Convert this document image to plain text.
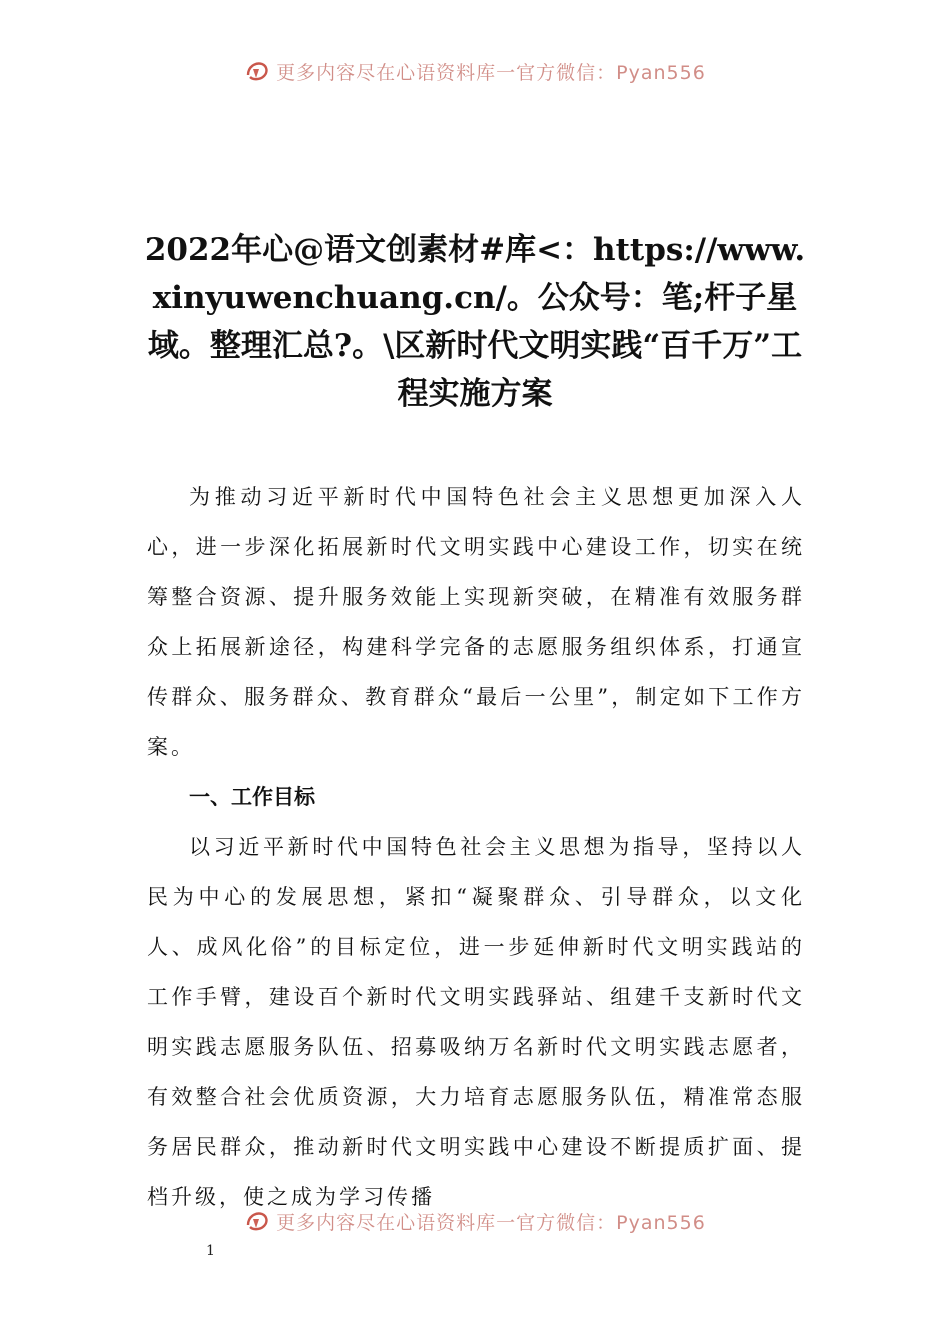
更多内容尽在心语资料库一官方微信：Pyan556
2022年心@语文创素材#库<：https://www.xinyuwenchuang.cn/。公众号：笔;杆子星域。整理汇总?。\区新时代文明实践“百千万”工程实施方案

为推动习近平新时代中国特色社会主义思想更加深入人心，进一步深化拓展新时代文明实践中心建设工作，切实在统筹整合资源、提升服务效能上实现新突破，在精准有效服务群众上拓展新途径，构建科学完备的志愿服务组织体系，打通宣传群众、服务群众、教育群众“最后一公里”，制定如下工作方案。

一、工作目标

以习近平新时代中国特色社会主义思想为指导，坚持以人民为中心的发展思想，紧扣“凝聚群众、引导群众，以文化人、成风化俗”的目标定位，进一步延伸新时代文明实践站的工作手臂，建设百个新时代文明实践驿站、组建千支新时代文明实践志愿服务队伍、招募吸纳万名新时代文明实践志愿者，有效整合社会优质资源，大力培育志愿服务队伍，精准常态服务居民群众，推动新时代文明实践中心建设不断提质扩面、提档升级，使之成为学习传播

更多内容尽在心语资料库一官方微信：Pyan556
1
